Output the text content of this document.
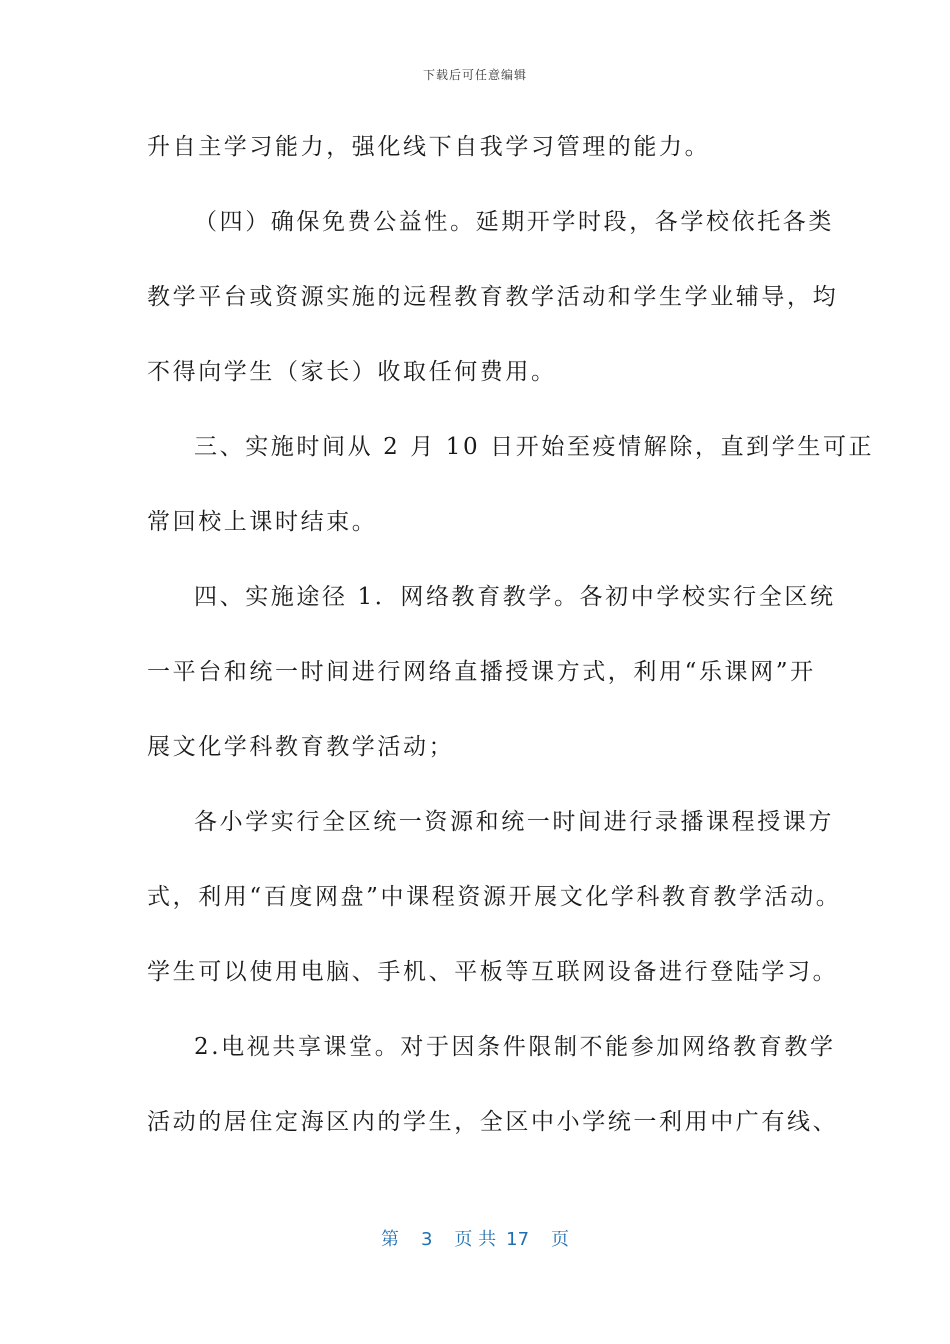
下载后可任意编辑
升自主学习能力，强化线下自我学习管理的能力。
（四）确保免费公益性。延期开学时段，各学校依托各类
教学平台或资源实施的远程教育教学活动和学生学业辅导，均
不得向学生（家长）收取任何费用。
三、实施时间从 2 月 10 日开始至疫情解除，直到学生可正
常回校上课时结束。
四、实施途径 1．网络教育教学。各初中学校实行全区统
一平台和统一时间进行网络直播授课方式，利用“乐课网”开
展文化学科教育教学活动；
各小学实行全区统一资源和统一时间进行录播课程授课方
式，利用“百度网盘”中课程资源开展文化学科教育教学活动。
学生可以使用电脑、手机、平板等互联网设备进行登陆学习。
2.电视共享课堂。对于因条件限制不能参加网络教育教学
活动的居住定海区内的学生，全区中小学统一利用中广有线、
第 3 页 共 17 页
